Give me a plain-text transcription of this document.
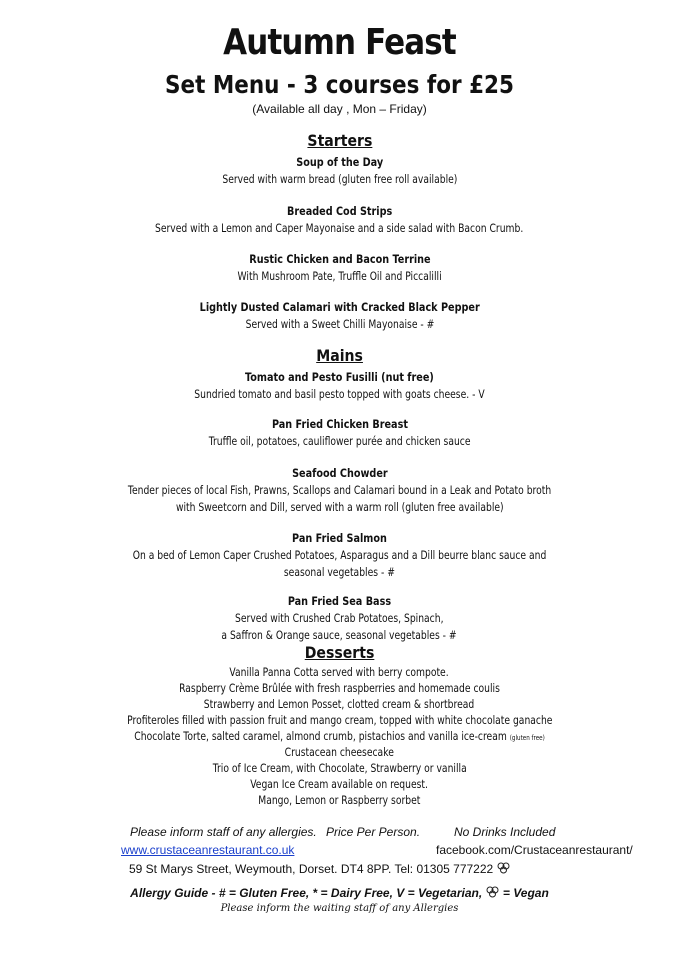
Autumn Feast
Set Menu - 3 courses for £25
(Available all day , Mon – Friday)
Starters
Soup of the Day
Served with warm bread (gluten free roll available)
Breaded Cod Strips
Served with a Lemon and Caper Mayonaise and a side salad with Bacon Crumb.
Rustic Chicken and Bacon Terrine
With Mushroom Pate, Truffle Oil and Piccalilli
Lightly Dusted Calamari with Cracked Black Pepper
Served with a Sweet Chilli Mayonaise - #
Mains
Tomato and Pesto Fusilli (nut free)
Sundried tomato and basil pesto topped with goats cheese. - V
Pan Fried Chicken Breast
Truffle oil, potatoes, cauliflower purée and chicken sauce
Seafood Chowder
Tender pieces of local Fish, Prawns, Scallops and Calamari bound in a Leak and Potato broth
with Sweetcorn and Dill, served with a warm roll (gluten free available)
Pan Fried Salmon
On a bed of Lemon Caper Crushed Potatoes, Asparagus and a Dill beurre blanc sauce and
seasonal vegetables - #
Pan Fried Sea Bass
Served with Crushed Crab Potatoes, Spinach,
a Saffron & Orange sauce, seasonal vegetables - #
Desserts
Vanilla Panna Cotta served with berry compote.
Raspberry Crème Brûlée with fresh raspberries and homemade coulis
Strawberry and Lemon Posset, clotted cream & shortbread
Profiteroles filled with passion fruit and mango cream, topped with white chocolate ganache
Chocolate Torte, salted caramel, almond crumb, pistachios and vanilla ice-cream (gluten free)
Crustacean cheesecake
Trio of Ice Cream, with Chocolate, Strawberry or vanilla
Vegan Ice Cream available on request.
Mango, Lemon or Raspberry sorbet
Please inform staff of any allergies. Price Per Person.	No Drinks Included
www.crustaceanrestaurant.co.uk	facebook.com/Crustaceanrestaurant/
59 St Marys Street, Weymouth, Dorset. DT4 8PP. Tel: 01305 777222
Allergy Guide - # = Gluten Free, * = Dairy Free, V = Vegetarian, = Vegan
Please inform the waiting staff of any Allergies
